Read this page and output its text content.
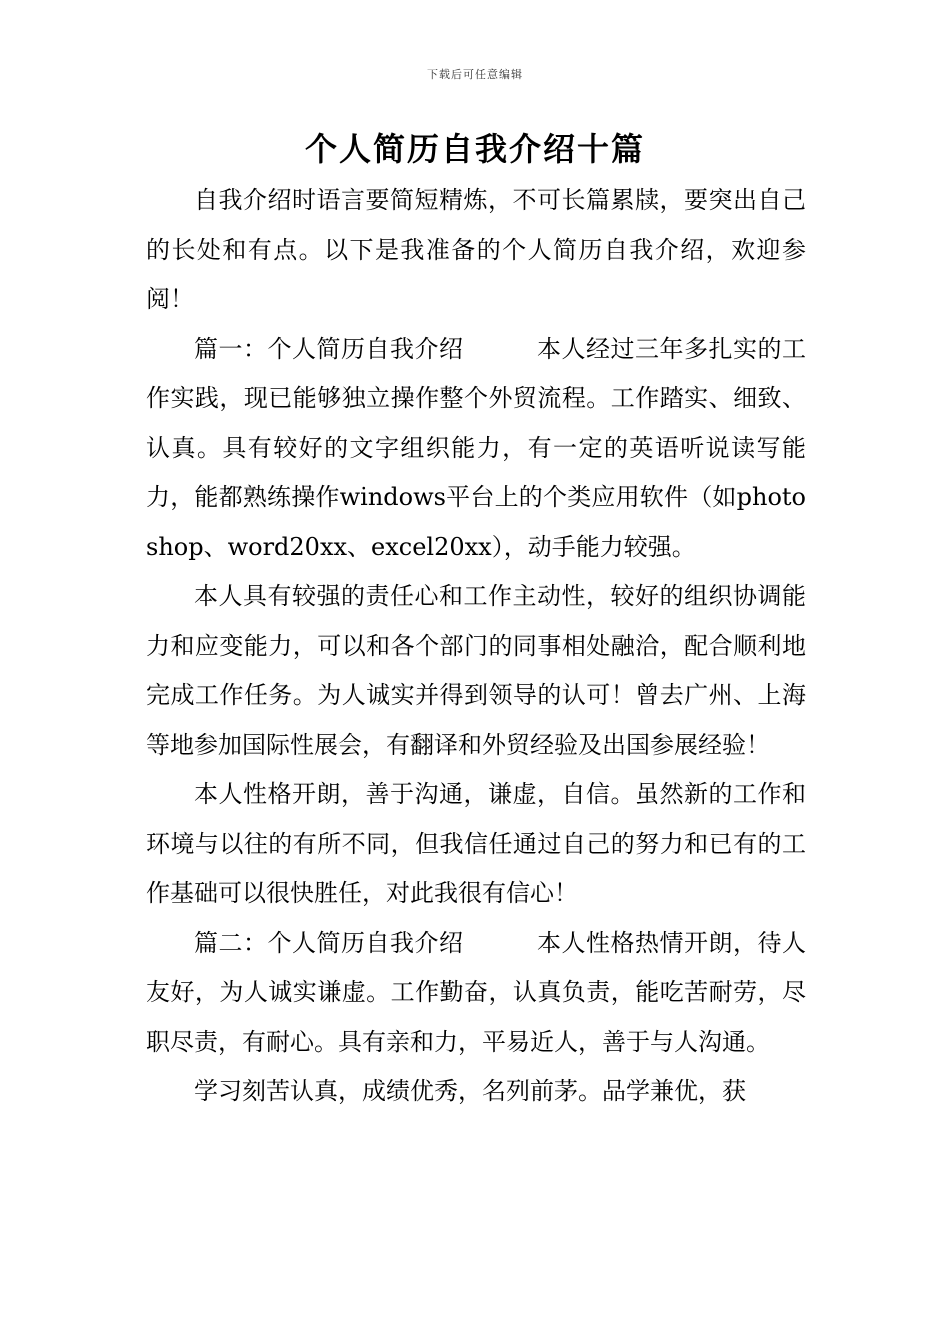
下载后可任意编辑
个人简历自我介绍十篇

自我介绍时语言要简短精炼，不可长篇累牍，要突出自己的长处和有点。以下是我准备的个人简历自我介绍，欢迎参阅！

篇一：个人简历自我介绍　　　本人经过三年多扎实的工作实践，现已能够独立操作整个外贸流程。工作踏实、细致、认真。具有较好的文字组织能力，有一定的英语听说读写能力，能都熟练操作windows平台上的个类应用软件（如photoshop、word20xx、excel20xx），动手能力较强。

本人具有较强的责任心和工作主动性，较好的组织协调能力和应变能力，可以和各个部门的同事相处融洽，配合顺利地完成工作任务。为人诚实并得到领导的认可！曾去广州、上海等地参加国际性展会，有翻译和外贸经验及出国参展经验！

本人性格开朗，善于沟通，谦虚，自信。虽然新的工作和环境与以往的有所不同，但我信任通过自己的努力和已有的工作基础可以很快胜任，对此我很有信心！

篇二：个人简历自我介绍　　　本人性格热情开朗，待人友好，为人诚实谦虚。工作勤奋，认真负责，能吃苦耐劳，尽职尽责，有耐心。具有亲和力，平易近人，善于与人沟通。

学习刻苦认真，成绩优秀，名列前茅。品学兼优，获
